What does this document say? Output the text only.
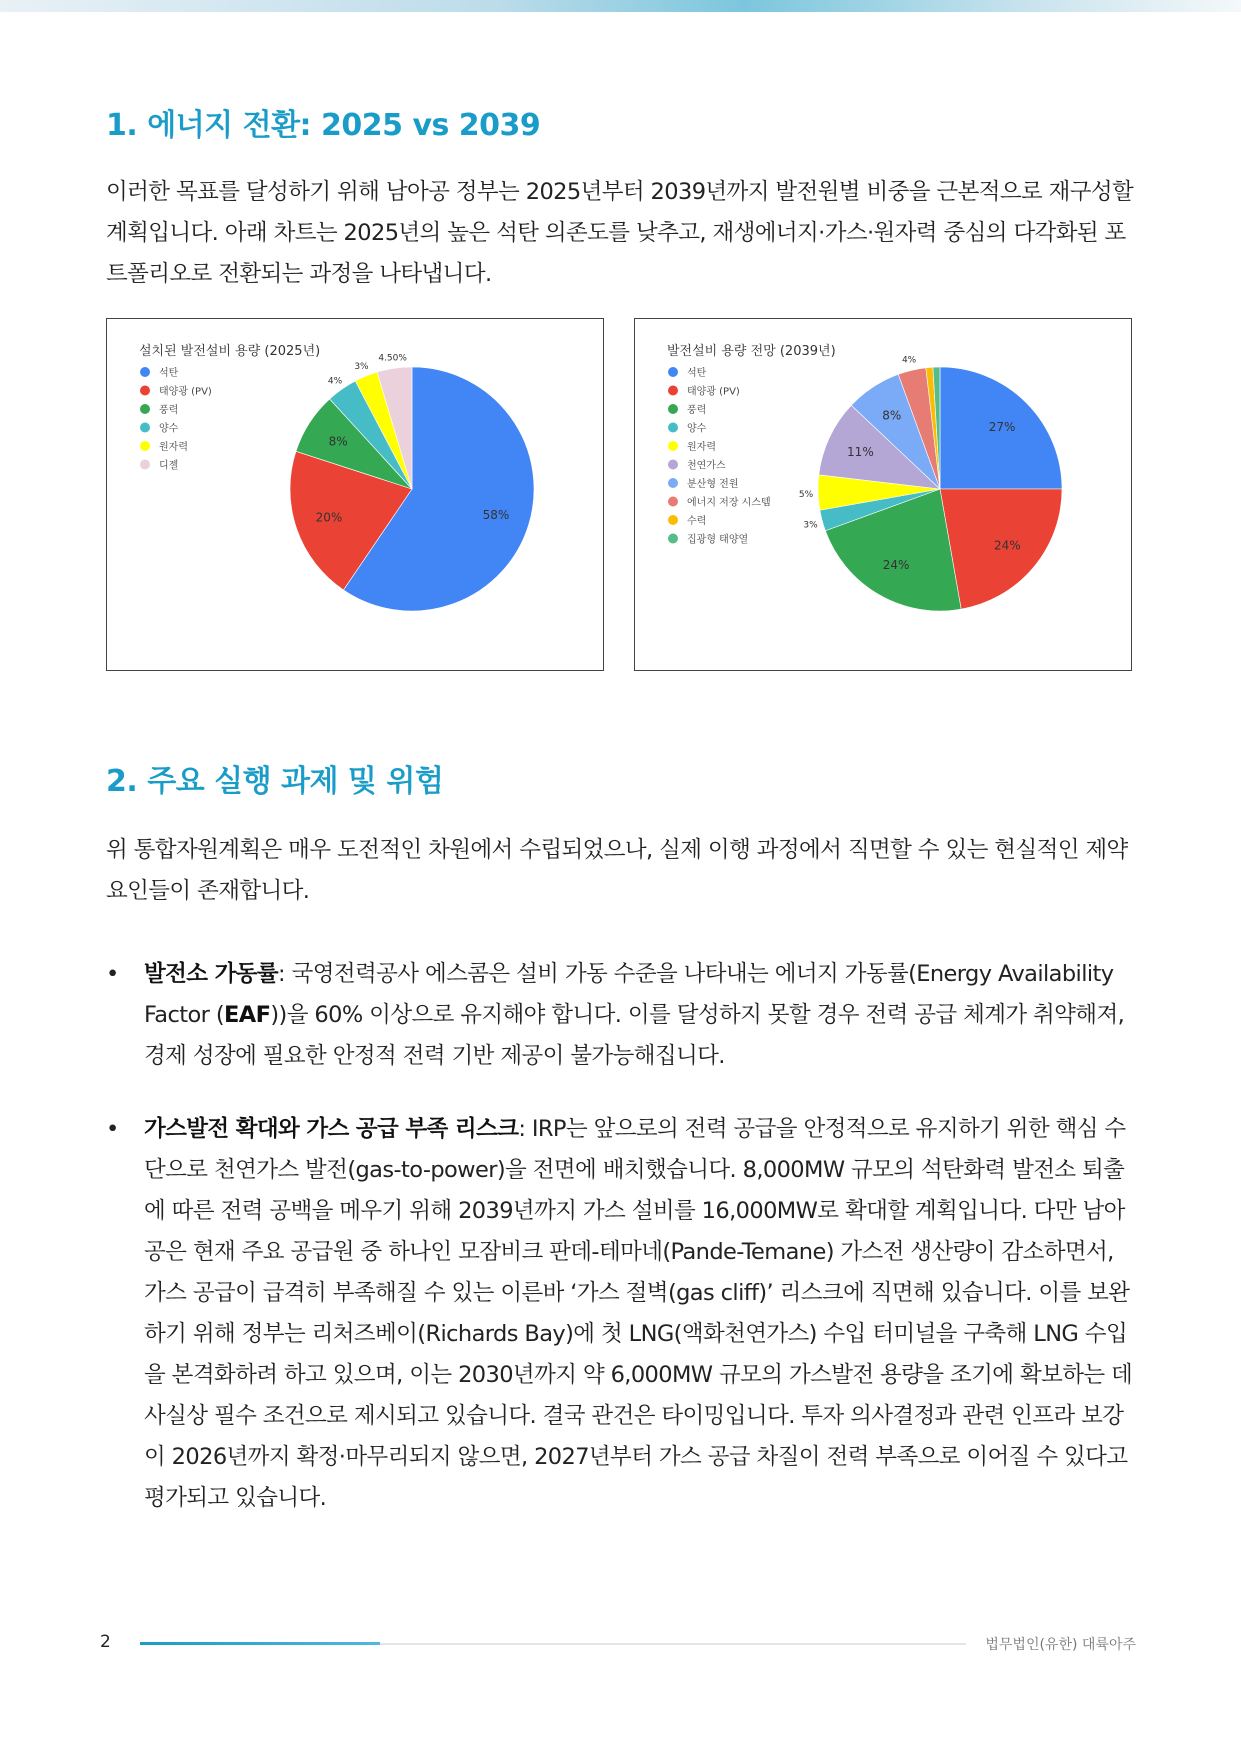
1. 에너지 전환: 2025 vs 2039

이러한 목표를 달성하기 위해 남아공 정부는 2025년부터 2039년까지 발전원별 비중을 근본적으로 재구성할 계획입니다. 아래 차트는 2025년의 높은 석탄 의존도를 낮추고, 재생에너지·가스·원자력 중심의 다각화된 포트폴리오로 전환되는 과정을 나타냅니다.

설치된 발전설비 용량 (2025년)
석탄
태양광 (PV)
풍력
양수
원자력
디젤
58%
20%
8%
4%
3%
4.50%	발전설비 용량 전망 (2039년)
석탄
태양광 (PV)
풍력
양수
원자력
천연가스
분산형 전원
에너지 저장 시스템
수력
집광형 태양열
27%
24%
24%
3%
5%
11%
8%
4%
2. 주요 실행 과제 및 위험

위 통합자원계획은 매우 도전적인 차원에서 수립되었으나, 실제 이행 과정에서 직면할 수 있는 현실적인 제약 요인들이 존재합니다.

• 발전소 가동률: 국영전력공사 에스콤은 설비 가동 수준을 나타내는 에너지 가동률(Energy Availability Factor (EAF))을 60% 이상으로 유지해야 합니다. 이를 달성하지 못할 경우 전력 공급 체계가 취약해져, 경제 성장에 필요한 안정적 전력 기반 제공이 불가능해집니다.
• 가스발전 확대와 가스 공급 부족 리스크: IRP는 앞으로의 전력 공급을 안정적으로 유지하기 위한 핵심 수단으로 천연가스 발전(gas-to-power)을 전면에 배치했습니다. 8,000MW 규모의 석탄화력 발전소 퇴출에 따른 전력 공백을 메우기 위해 2039년까지 가스 설비를 16,000MW로 확대할 계획입니다. 다만 남아공은 현재 주요 공급원 중 하나인 모잠비크 판데-테마네(Pande-Temane) 가스전 생산량이 감소하면서, 가스 공급이 급격히 부족해질 수 있는 이른바 ‘가스 절벽(gas cliff)’ 리스크에 직면해 있습니다. 이를 보완하기 위해 정부는 리처즈베이(Richards Bay)에 첫 LNG(액화천연가스) 수입 터미널을 구축해 LNG 수입을 본격화하려 하고 있으며, 이는 2030년까지 약 6,000MW 규모의 가스발전 용량을 조기에 확보하는 데 사실상 필수 조건으로 제시되고 있습니다. 결국 관건은 타이밍입니다. 투자 의사결정과 관련 인프라 보강이 2026년까지 확정·마무리되지 않으면, 2027년부터 가스 공급 차질이 전력 부족으로 이어질 수 있다고 평가되고 있습니다.
2	법무법인(유한) 대륙아주
